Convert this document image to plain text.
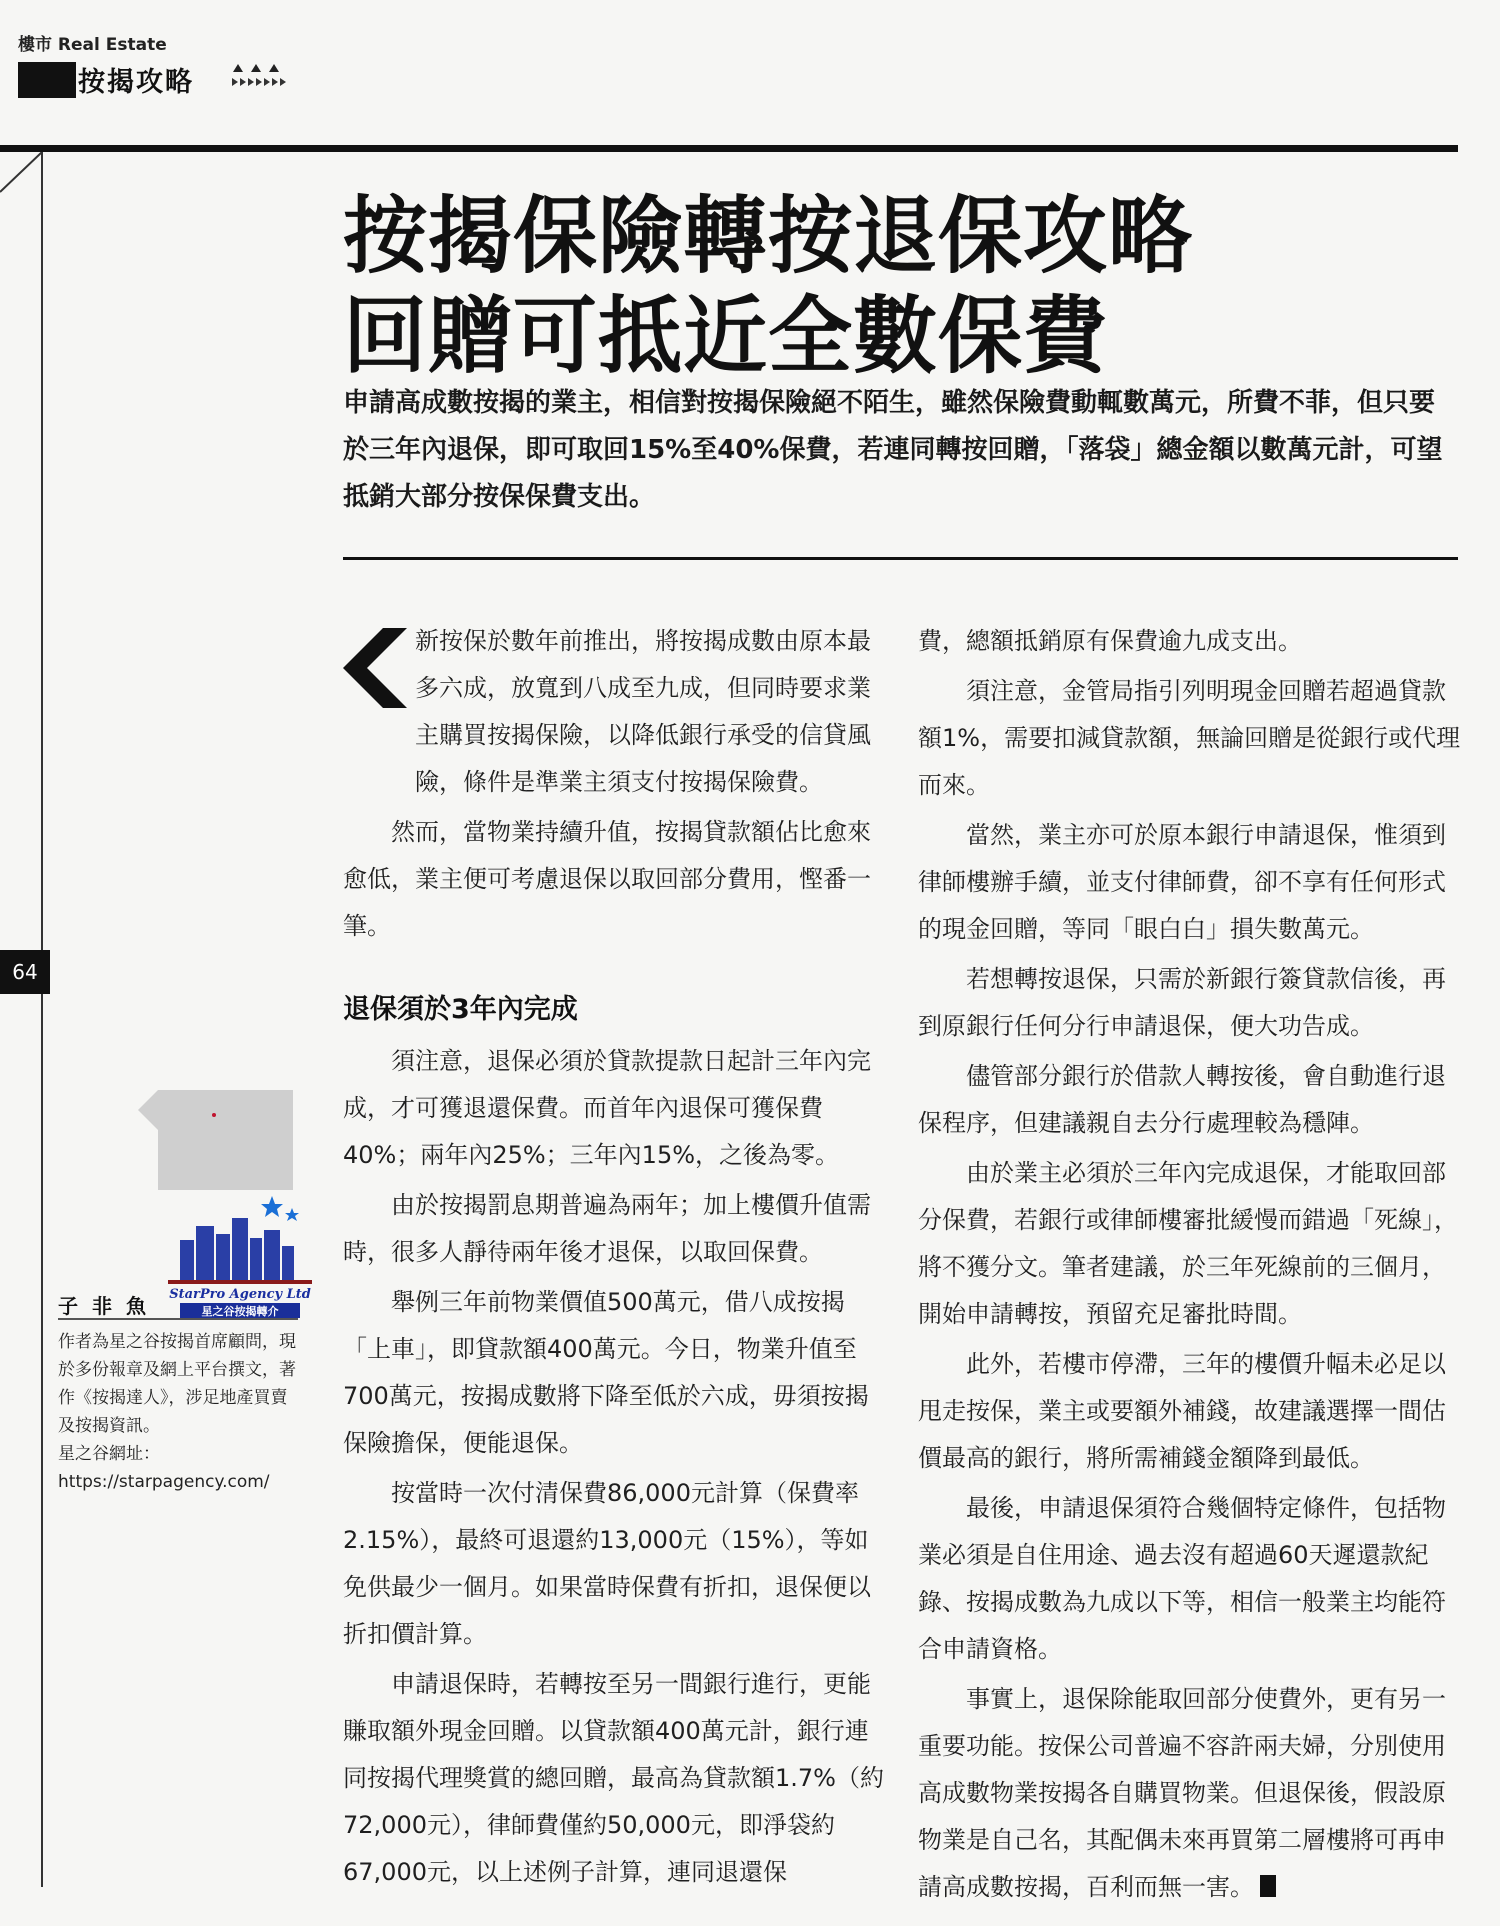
樓市 Real Estate
按揭攻略
按揭保險轉按退保攻略
回贈可抵近全數保費
申請高成數按揭的業主，相信對按揭保險絕不陌生，雖然保險費動輒數萬元，所費不菲，但只要於三年內退保，即可取回15%至40%保費，若連同轉按回贈，「落袋」總金額以數萬元計，可望抵銷大部分按保保費支出。
64

新按保於數年前推出，將按揭成數由原本最多六成，放寬到八成至九成，但同時要求業主購買按揭保險，以降低銀行承受的信貸風險，條件是準業主須支付按揭保險費。

然而，當物業持續升值，按揭貸款額佔比愈來愈低，業主便可考慮退保以取回部分費用，慳番一筆。

退保須於3年內完成

須注意，退保必須於貸款提款日起計三年內完成，才可獲退還保費。而首年內退保可獲保費40%；兩年內25%；三年內15%，之後為零。

由於按揭罰息期普遍為兩年；加上樓價升值需時，很多人靜待兩年後才退保，以取回保費。

舉例三年前物業價值500萬元，借八成按揭「上車」，即貸款額400萬元。今日，物業升值至700萬元，按揭成數將下降至低於六成，毋須按揭保險擔保，便能退保。

按當時一次付清保費86,000元計算（保費率2.15%），最終可退還約13,000元（15%），等如免供最少一個月。如果當時保費有折扣，退保便以折扣價計算。

申請退保時，若轉按至另一間銀行進行，更能賺取額外現金回贈。以貸款額400萬元計，銀行連同按揭代理獎賞的總回贈，最高為貸款額1.7%（約72,000元），律師費僅約50,000元，即淨袋約67,000元，以上述例子計算，連同退還保

費，總額抵銷原有保費逾九成支出。

須注意，金管局指引列明現金回贈若超過貸款額1%，需要扣減貸款額，無論回贈是從銀行或代理而來。

當然，業主亦可於原本銀行申請退保，惟須到律師樓辦手續，並支付律師費，卻不享有任何形式的現金回贈，等同「眼白白」損失數萬元。

若想轉按退保，只需於新銀行簽貸款信後，再到原銀行任何分行申請退保，便大功告成。

儘管部分銀行於借款人轉按後，會自動進行退保程序，但建議親自去分行處理較為穩陣。

由於業主必須於三年內完成退保，才能取回部分保費，若銀行或律師樓審批緩慢而錯過「死線」，將不獲分文。筆者建議，於三年死線前的三個月，開始申請轉按，預留充足審批時間。

此外，若樓市停滯，三年的樓價升幅未必足以甩走按保，業主或要額外補錢，故建議選擇一間估價最高的銀行，將所需補錢金額降到最低。

最後，申請退保須符合幾個特定條件，包括物業必須是自住用途、過去沒有超過60天遲還款紀錄、按揭成數為九成以下等，相信一般業主均能符合申請資格。

事實上，退保除能取回部分使費外，更有另一重要功能。按保公司普遍不容許兩夫婦，分別使用高成數物業按揭各自購買物業。但退保後，假設原物業是自己名，其配偶未來再買第二層樓將可再申請高成數按揭，百利而無一害。

StarPro Agency Ltd
星之谷按揭轉介
子非魚
作者為星之谷按揭首席顧問，現於多份報章及網上平台撰文，著作《按揭達人》，涉足地產買賣及按揭資訊。
星之谷網址：
https://starpagency.com/
